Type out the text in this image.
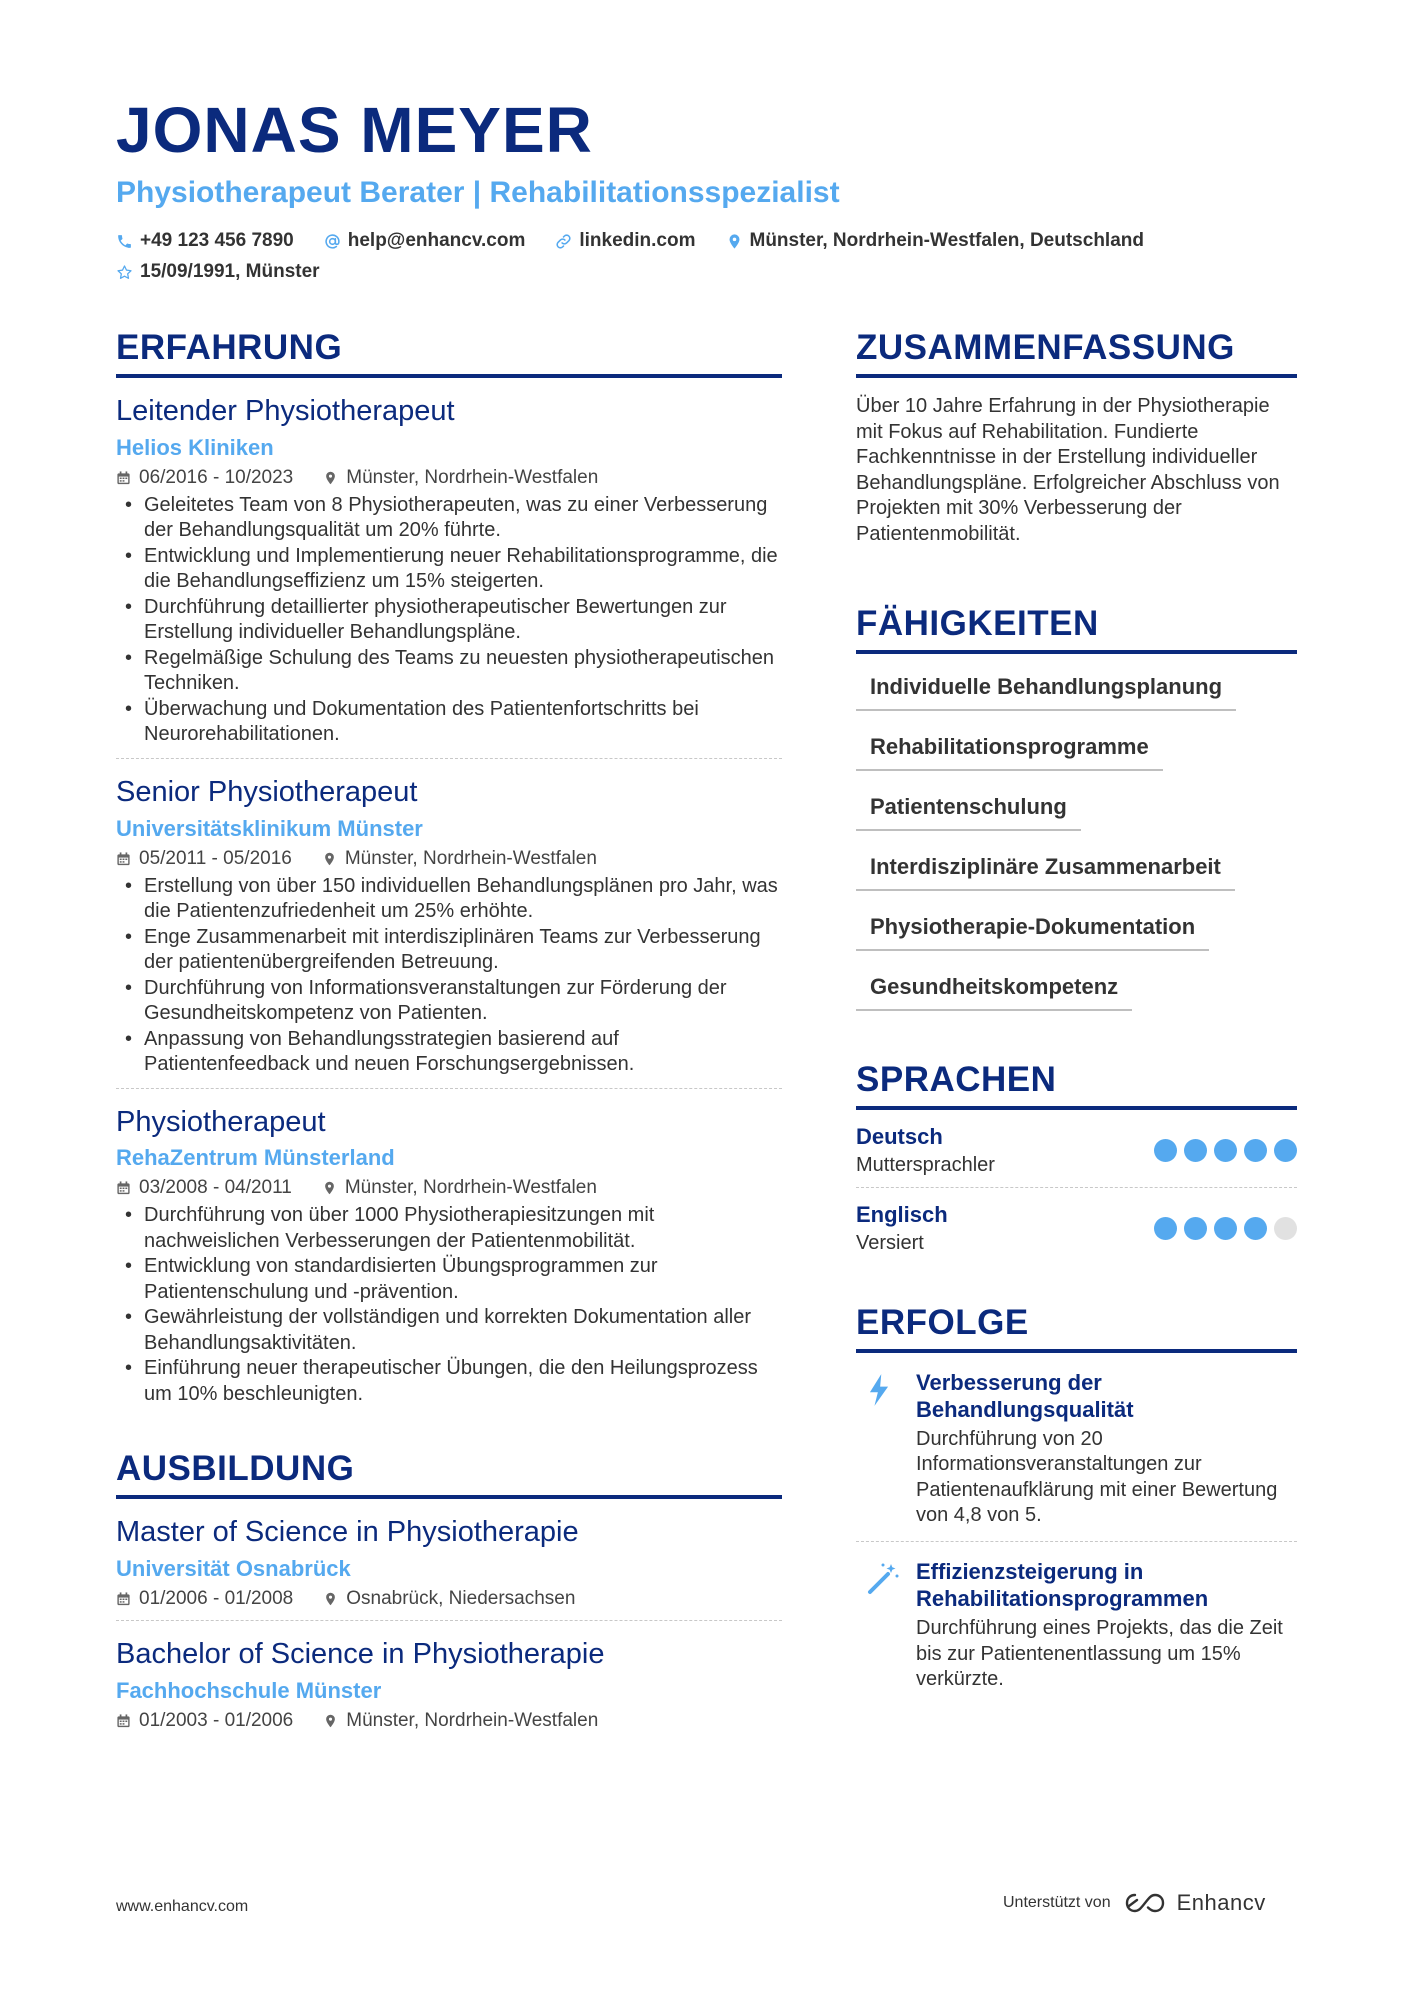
JONAS MEYER
Physiotherapeut Berater | Rehabilitationsspezialist
+49 123 456 7890	help@enhancv.com	linkedin.com	Münster, Nordrhein-Westfalen, Deutschland
15/09/1991, Münster
ERFAHRUNG
Leitender Physiotherapeut
Helios Kliniken
06/2016 - 10/2023	Münster, Nordrhein-Westfalen
• Geleitetes Team von 8 Physiotherapeuten, was zu einer Verbesserung der Behandlungsqualität um 20% führte.
• Entwicklung und Implementierung neuer Rehabilitationsprogramme, die die Behandlungseffizienz um 15% steigerten.
• Durchführung detaillierter physiotherapeutischer Bewertungen zur Erstellung individueller Behandlungspläne.
• Regelmäßige Schulung des Teams zu neuesten physiotherapeutischen Techniken.
• Überwachung und Dokumentation des Patientenfortschritts bei Neurorehabilitationen.
Senior Physiotherapeut
Universitätsklinikum Münster
05/2011 - 05/2016	Münster, Nordrhein-Westfalen
• Erstellung von über 150 individuellen Behandlungsplänen pro Jahr, was die Patientenzufriedenheit um 25% erhöhte.
• Enge Zusammenarbeit mit interdisziplinären Teams zur Verbesserung der patientenübergreifenden Betreuung.
• Durchführung von Informationsveranstaltungen zur Förderung der Gesundheitskompetenz von Patienten.
• Anpassung von Behandlungsstrategien basierend auf Patientenfeedback und neuen Forschungsergebnissen.
Physiotherapeut
RehaZentrum Münsterland
03/2008 - 04/2011	Münster, Nordrhein-Westfalen
• Durchführung von über 1000 Physiotherapiesitzungen mit nachweislichen Verbesserungen der Patientenmobilität.
• Entwicklung von standardisierten Übungsprogrammen zur Patientenschulung und -prävention.
• Gewährleistung der vollständigen und korrekten Dokumentation aller Behandlungsaktivitäten.
• Einführung neuer therapeutischer Übungen, die den Heilungsprozess um 10% beschleunigten.
AUSBILDUNG
Master of Science in Physiotherapie
Universität Osnabrück
01/2006 - 01/2008	Osnabrück, Niedersachsen
Bachelor of Science in Physiotherapie
Fachhochschule Münster
01/2003 - 01/2006	Münster, Nordrhein-Westfalen
ZUSAMMENFASSUNG
Über 10 Jahre Erfahrung in der Physiotherapie mit Fokus auf Rehabilitation. Fundierte Fachkenntnisse in der Erstellung individueller Behandlungspläne. Erfolgreicher Abschluss von Projekten mit 30% Verbesserung der Patientenmobilität.
FÄHIGKEITEN
Individuelle Behandlungsplanung
Rehabilitationsprogramme
Patientenschulung
Interdisziplinäre Zusammenarbeit
Physiotherapie-Dokumentation
Gesundheitskompetenz
SPRACHEN
Deutsch
Muttersprachler
Englisch
Versiert
ERFOLGE
Verbesserung der Behandlungsqualität
Durchführung von 20 Informationsveranstaltungen zur Patientenaufklärung mit einer Bewertung von 4,8 von 5.
Effizienzsteigerung in Rehabilitationsprogrammen
Durchführung eines Projekts, das die Zeit bis zur Patientenentlassung um 15% verkürzte.
www.enhancv.com	Unterstützt von	Enhancv
